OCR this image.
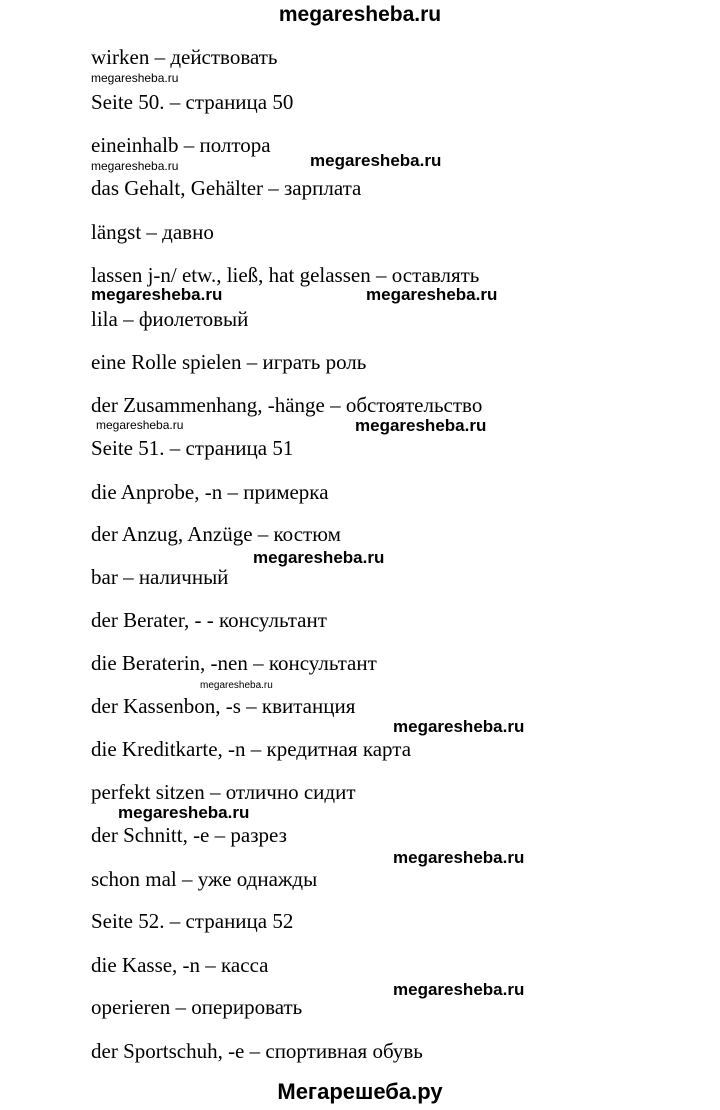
megaresheba.ru
wirken – действовать
Seite 50. – страница 50
eineinhalb – полтора
das Gehalt, Gehälter – зарплата
längst – давно
lassen j-n/ etw., ließ, hat gelassen – оставлять
lila – фиолетовый
eine Rolle spielen – играть роль
der Zusammenhang, -hänge – обстоятельство
Seite 51. – страница 51
die Anprobe, -n – примерка
der Anzug, Anzüge – костюм
bar – наличный
der Berater, - - консультант
die Beraterin, -nen – консультант
der Kassenbon, -s – квитанция
die Kreditkarte, -n – кредитная карта
perfekt sitzen – отлично сидит
der Schnitt, -e – разрез
schon mal – уже однажды
Seite 52. – страница 52
die Kasse, -n – касса
operieren – оперировать
der Sportschuh, -e – спортивная обувь
megaresheba.ru
megaresheba.ru	megaresheba.ru
megaresheba.ru	megaresheba.ru
megaresheba.ru	megaresheba.ru
megaresheba.ru
megaresheba.ru
megaresheba.ru
megaresheba.ru
megaresheba.ru
megaresheba.ru
Мегарешеба.ру
